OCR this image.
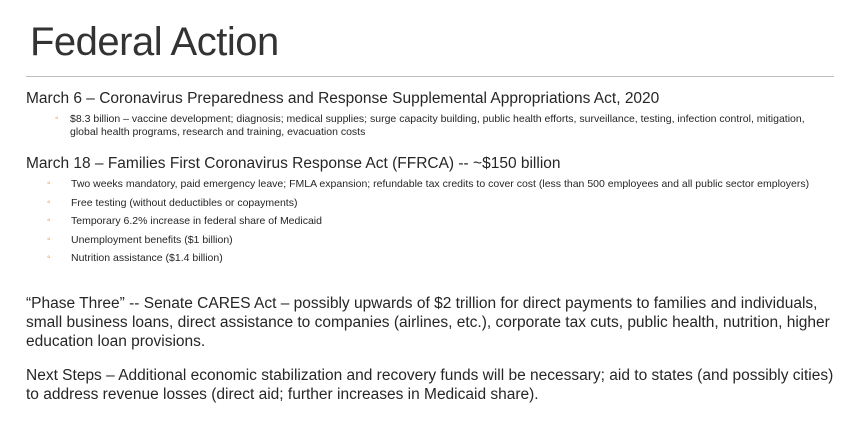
Federal Action
March 6 – Coronavirus Preparedness and Response Supplemental Appropriations Act, 2020
◦ $8.3 billion – vaccine development; diagnosis; medical supplies; surge capacity building, public health efforts, surveillance, testing, infection control, mitigation, global health programs, research and training, evacuation costs
March 18 – Families First Coronavirus Response Act (FFRCA) -- ~$150 billion
◦ Two weeks mandatory, paid emergency leave; FMLA expansion; refundable tax credits to cover cost (less than 500 employees and all public sector employers)
◦ Free testing (without deductibles or copayments)
◦ Temporary 6.2% increase in federal share of Medicaid
◦ Unemployment benefits ($1 billion)
◦ Nutrition assistance ($1.4 billion)

“Phase Three” -- Senate CARES Act – possibly upwards of $2 trillion for direct payments to families and individuals, small business loans, direct assistance to companies (airlines, etc.), corporate tax cuts, public health, nutrition, higher education loan provisions.

Next Steps – Additional economic stabilization and recovery funds will be necessary; aid to states (and possibly cities) to address revenue losses (direct aid; further increases in Medicaid share).
